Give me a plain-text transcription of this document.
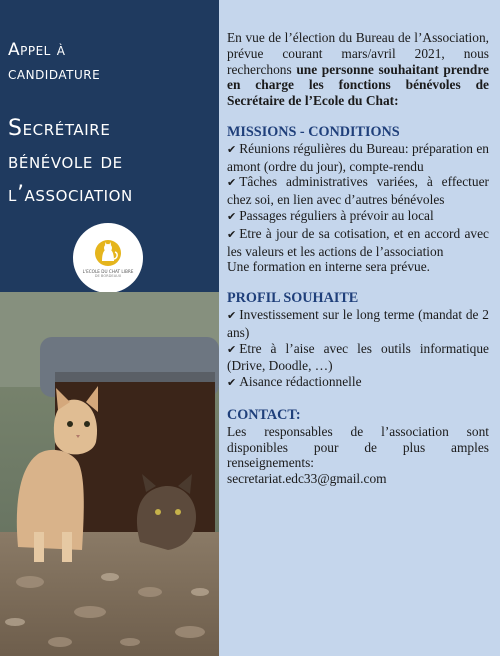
Appel à
candidature
Secrétaire
bénévole de
l’association
L'ECOLE DU CHAT LIBRE
DE BORDEAUX

En vue de l’élection du Bureau de l’Association, prévue courant mars/avril 2021, nous recherchons une personne souhaitant prendre en charge les fonctions bénévoles de Secrétaire de l’Ecole du Chat:

MISSIONS - CONDITIONS

✔ Réunions régulières du Bureau: préparation en amont (ordre du jour), compte-rendu

✔ Tâches administratives variées, à effectuer chez soi, en lien avec d’autres bénévoles

✔ Passages réguliers à prévoir au local

✔ Etre à jour de sa cotisation, et en accord avec les valeurs et les actions de l’association

Une formation en interne sera prévue.

PROFIL SOUHAITE

✔ Investissement sur le long terme (mandat de 2 ans)

✔ Etre à l’aise avec les outils informatique (Drive, Doodle, …)

✔ Aisance rédactionnelle

CONTACT:

Les responsables de l’association sont disponibles pour de plus amples renseignements:

secretariat.edc33@gmail.com
